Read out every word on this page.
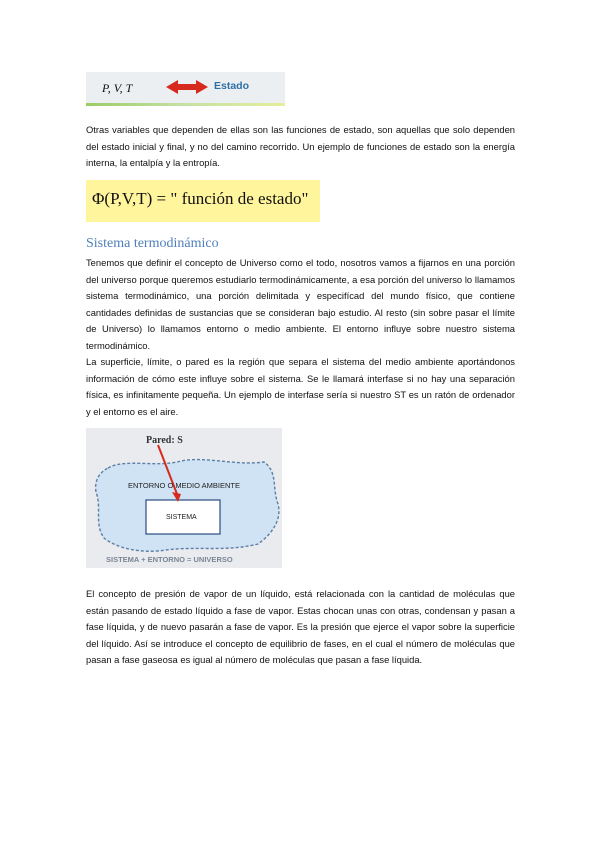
P, V, T	Estado

Otras variables que dependen de ellas son las funciones de estado, son aquellas que solo dependen del estado inicial y final, y no del camino recorrido. Un ejemplo de funciones de estado son la energía interna, la entalpía y la entropía.

Φ(P,V,T) = " función de estado"
Sistema termodinámico

Tenemos que definir el concepto de Universo como el todo, nosotros vamos a fijarnos en una porción del universo porque queremos estudiarlo termodinámicamente, a esa porción del universo lo llamamos sistema termodinámico, una porción delimitada y especifícad del mundo físico, que contiene cantidades definidas de sustancias que se consideran bajo estudio. Al resto (sin sobre pasar el límite de Universo) lo llamamos entorno o medio ambiente. El entorno influye sobre nuestro sistema termodinámico.

La superficie, límite, o pared es la región que separa el sistema del medio ambiente aportándonos información de cómo este influye sobre el sistema. Se le llamará interfase si no hay una separación física, es infinitamente pequeña. Un ejemplo de interfase sería si nuestro ST es un ratón de ordenador y el entorno es el aire.

Pared: S
ENTORNO O MEDIO AMBIENTE
SISTEMA
SISTEMA + ENTORNO = UNIVERSO

El concepto de presión de vapor de un líquido, está relacionada con la cantidad de moléculas que están pasando de estado líquido a fase de vapor. Estas chocan unas con otras, condensan y pasan a fase líquida, y de nuevo pasarán a fase de vapor. Es la presión que ejerce el vapor sobre la superficie del líquido. Así se introduce el concepto de equilibrio de fases, en el cual el número de moléculas que pasan a fase gaseosa es igual al número de moléculas que pasan a fase líquida.
